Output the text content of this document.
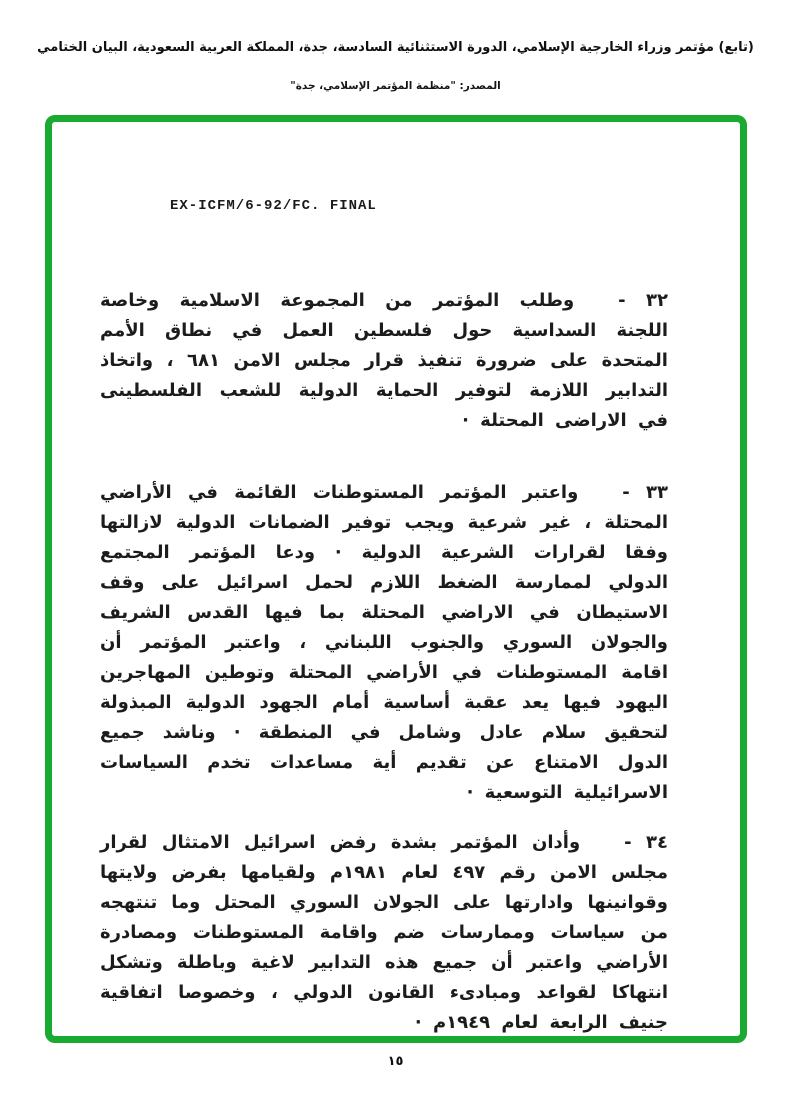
(تابع) مؤتمر وزراء الخارجية الإسلامي، الدورة الاستثنائية السادسة، جدة، المملكة العربية السعودية، البيان الختامي
المصدر: "منظمة المؤتمر الإسلامي، جدة"
EX-ICFM/6-92/FC. FINAL

٣٢ -وطلب المؤتمر من المجموعة الاسلامية وخاصة اللجنة السداسية حول فلسطين العمل في نطاق الأمم المتحدة على ضرورة تنفيذ قرار مجلس الامن ٦٨١ ، واتخاذ التدابير اللازمة لتوفير الحماية الدولية للشعب الفلسطينى في الاراضى المحتلة ·

٣٣ -واعتبر المؤتمر المستوطنات القائمة في الأراضي المحتلة ، غير شرعية ويجب توفير الضمانات الدولية لازالتها وفقا لقرارات الشرعية الدولية · ودعا المؤتمر المجتمع الدولي لممارسة الضغط اللازم لحمل اسرائيل على وقف الاستيطان في الاراضي المحتلة بما فيها القدس الشريف والجولان السوري والجنوب اللبناني ، واعتبر المؤتمر أن اقامة المستوطنات في الأراضي المحتلة وتوطين المهاجرين اليهود فيها يعد عقبة أساسية أمام الجهود الدولية المبذولة لتحقيق سلام عادل وشامل في المنطقة · وناشد جميع الدول الامتناع عن تقديم أية مساعدات تخدم السياسات الاسرائيلية التوسعية ·

٣٤ -وأدان المؤتمر بشدة رفض اسرائيل الامتثال لقرار مجلس الامن رقم ٤٩٧ لعام ١٩٨١م ولقيامها بفرض ولايتها وقوانينها وادارتها على الجولان السوري المحتل وما تنتهجه من سياسات وممارسات ضم واقامة المستوطنات ومصادرة الأراضي واعتبر أن جميع هذه التدابير لاغية وباطلة وتشكل انتهاكا لقواعد ومبادىء القانون الدولي ، وخصوصا اتفاقية جنيف الرابعة لعام ١٩٤٩م ·

١٥
